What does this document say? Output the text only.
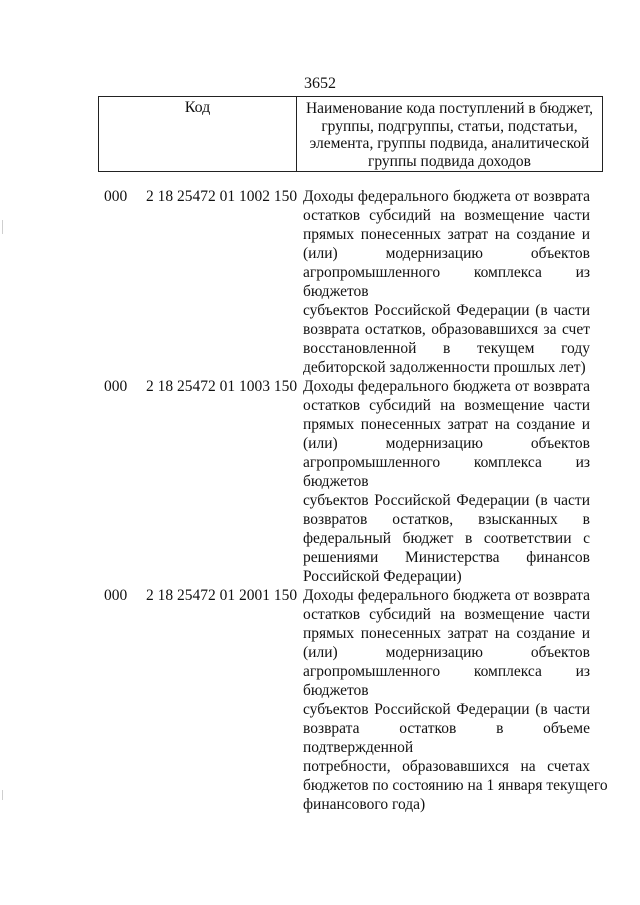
3652
Код	Наименование кода поступлений в бюджет,
группы, подгруппы, статьи, подстатьи,
элемента, группы подвида, аналитической
группы подвида доходов
000 2 18 25472 01 1002 150 Доходы федерального бюджета от возврата
остатков субсидий на возмещение части
прямых понесенных затрат на создание и
(или) модернизацию объектов
агропромышленного комплекса из бюджетов
субъектов Российской Федерации (в части
возврата остатков, образовавшихся за счет
восстановленной в текущем году
дебиторской задолженности прошлых лет)
000 2 18 25472 01 1003 150 Доходы федерального бюджета от возврата
остатков субсидий на возмещение части
прямых понесенных затрат на создание и
(или) модернизацию объектов
агропромышленного комплекса из бюджетов
субъектов Российской Федерации (в части
возвратов остатков, взысканных в
федеральный бюджет в соответствии с
решениями Министерства финансов
Российской Федерации)
000 2 18 25472 01 2001 150 Доходы федерального бюджета от возврата
остатков субсидий на возмещение части
прямых понесенных затрат на создание и
(или) модернизацию объектов
агропромышленного комплекса из бюджетов
субъектов Российской Федерации (в части
возврата остатков в объеме подтвержденной
потребности, образовавшихся на счетах
бюджетов по состоянию на 1 января текущего
финансового года)
